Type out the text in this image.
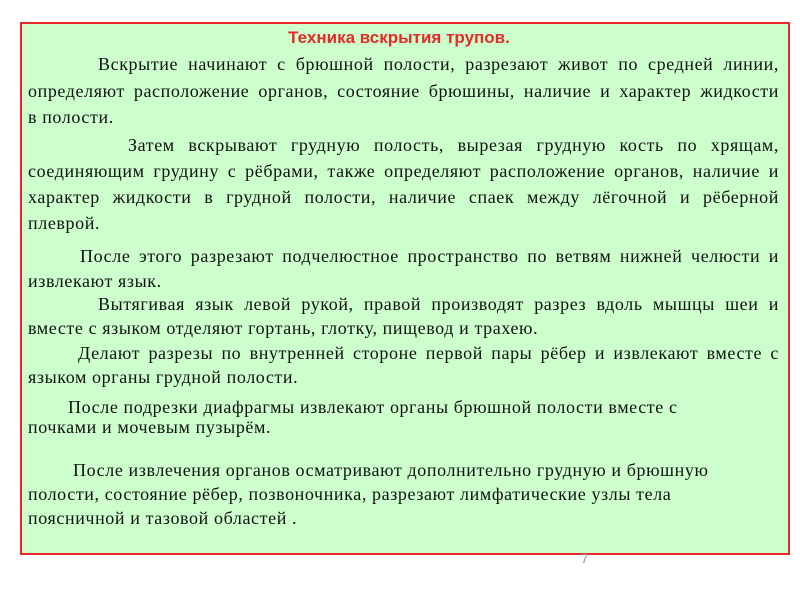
Техника вскрытия трупов.
Вскрытие начинают с брюшной полости, разрезают живот по средней линии,
определяют расположение органов, состояние брюшины, наличие и характер жидкости
в полости.
Затем вскрывают грудную полость, вырезая грудную кость по хрящам,
соединяющим грудину с рёбрами, также определяют расположение органов, наличие и
характер жидкости в грудной полости, наличие спаек между лёгочной и рёберной
плеврой.
После этого разрезают подчелюстное пространство по ветвям нижней челюсти и
извлекают язык.
Вытягивая язык левой рукой, правой производят разрез вдоль мышцы шеи и
вместе с языком отделяют гортань, глотку, пищевод и трахею.
Делают разрезы по внутренней стороне первой пары рёбер и извлекают вместе с
языком органы грудной полости.
После подрезки диафрагмы извлекают органы брюшной полости вместе с
почками и мочевым пузырём.
После извлечения органов осматривают дополнительно грудную и брюшную
полости, состояние рёбер, позвоночника, разрезают лимфатические узлы тела
поясничной и тазовой областей .
7
